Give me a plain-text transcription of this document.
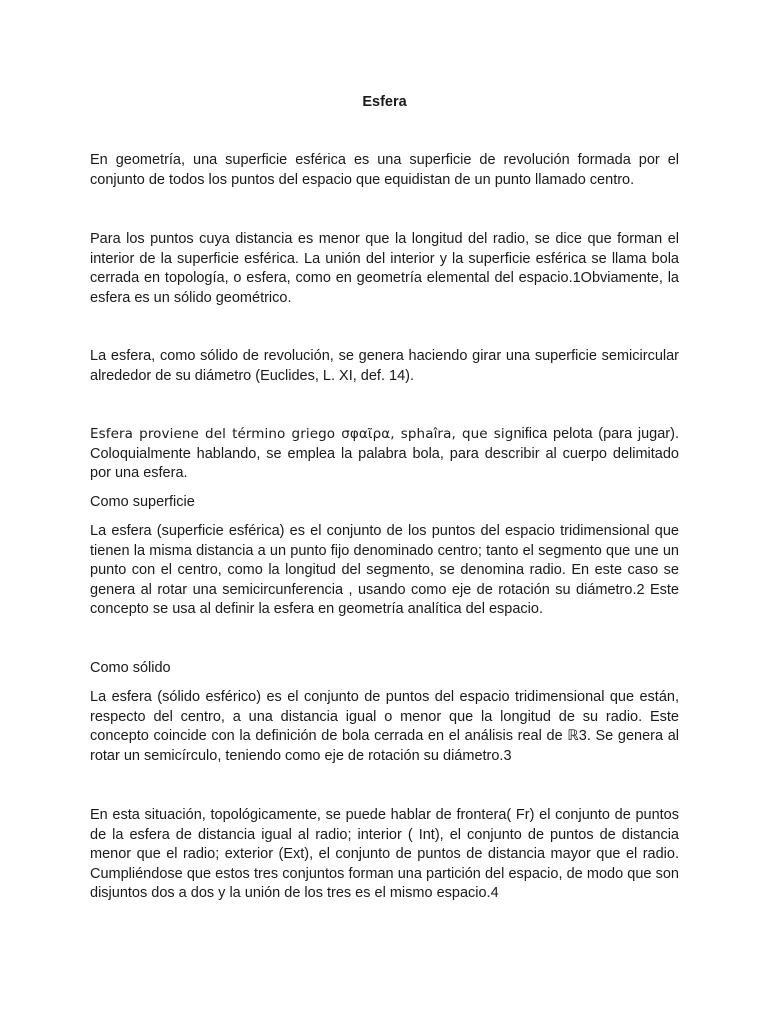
Esfera

En geometría, una superficie esférica es una superficie de revolución formada por el conjunto de todos los puntos del espacio que equidistan de un punto llamado centro.

Para los puntos cuya distancia es menor que la longitud del radio, se dice que forman el interior de la superficie esférica. La unión del interior y la superficie esférica se llama bola cerrada en topología, o esfera, como en geometría elemental del espacio.1Obviamente, la esfera es un sólido geométrico.

La esfera, como sólido de revolución, se genera haciendo girar una superficie semicircular alrededor de su diámetro (Euclides, L. XI, def. 14).

Esfera proviene del término griego σφαῖρα, sphaîra, que significa pelota (para jugar). Coloquialmente hablando, se emplea la palabra bola, para describir al cuerpo delimitado por una esfera.

Como superficie

La esfera (superficie esférica) es el conjunto de los puntos del espacio tridimensional que tienen la misma distancia a un punto fijo denominado centro; tanto el segmento que une un punto con el centro, como la longitud del segmento, se denomina radio. En este caso se genera al rotar una semicircunferencia , usando como eje de rotación su diámetro.2 Este concepto se usa al definir la esfera en geometría analítica del espacio.

Como sólido

La esfera (sólido esférico) es el conjunto de puntos del espacio tridimensional que están, respecto del centro, a una distancia igual o menor que la longitud de su radio. Este concepto coincide con la definición de bola cerrada en el análisis real de ℝ3. Se genera al rotar un semicírculo, teniendo como eje de rotación su diámetro.3

En esta situación, topológicamente, se puede hablar de frontera( Fr) el conjunto de puntos de la esfera de distancia igual al radio; interior ( Int), el conjunto de puntos de distancia menor que el radio; exterior (Ext), el conjunto de puntos de distancia mayor que el radio. Cumpliéndose que estos tres conjuntos forman una partición del espacio, de modo que son disjuntos dos a dos y la unión de los tres es el mismo espacio.4
